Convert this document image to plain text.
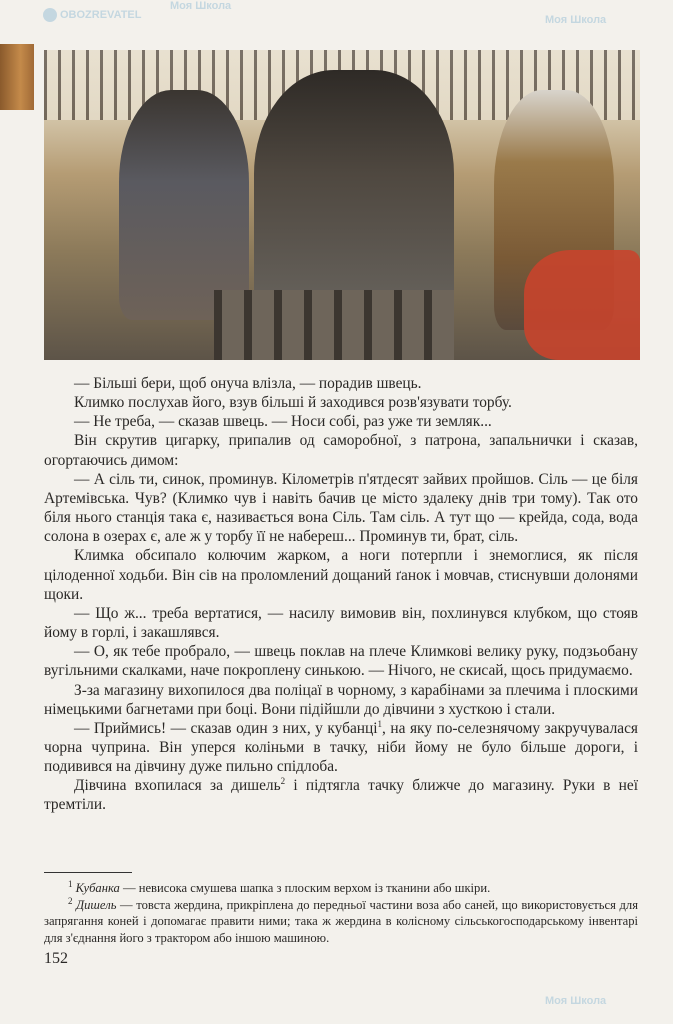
— Більші бери, щоб онуча влізла, — порадив швець.

Климко послухав його, взув більші й заходився розв'язувати торбу.

— Не треба, — сказав швець. — Носи собі, раз уже ти земляк...

Він скрутив цигарку, припалив од саморобної, з патрона, запальнички і сказав, огортаючись димом:

— А сіль ти, синок, проминув. Кілометрів п'ятдесят зайвих пройшов. Сіль — це біля Артемівська. Чув? (Климко чув і навіть бачив це місто здалеку днів три тому). Так ото біля нього станція така є, називається вона Сіль. Там сіль. А тут що — крейда, сода, вода солона в озерах є, але ж у торбу її не набереш... Проминув ти, брат, сіль.

Климка обсипало колючим жарком, а ноги потерпли і знемоглися, як після цілоденної ходьби. Він сів на проломлений дощаний ґанок і мовчав, стиснувши долонями щоки.

— Що ж... треба вертатися, — насилу вимовив він, похлинувся клубком, що стояв йому в горлі, і закашлявся.

— О, як тебе пробрало, — швець поклав на плече Климкові велику руку, подзьобану вугільними скалками, наче покроплену синькою. — Нічого, не скисай, щось придумаємо.

З-за магазину вихопилося два поліцаї в чорному, з карабінами за плечима і плоскими німецькими багнетами при боці. Вони підійшли до дівчини з хусткою і стали.

— Приймись! — сказав один з них, у кубанці$^1$, на яку по-селезнячому закручувалася чорна чуприна. Він уперся коліньми в тачку, ніби йому не було більше дороги, і подивився на дівчину дуже пильно спідлоба.

Дівчина вхопилася за дишель$^2$ і підтягла тачку ближче до магазину. Руки в неї тремтіли.

$^1$ Кубанка — невисока смушева шапка з плоским верхом із тканини або шкіри.

$^2$ Дишель — товста жердина, прикріплена до передньої частини воза або саней, що використовується для запрягання коней і допомагає правити ними; така ж жердина в колісному сільськогосподарському інвентарі для з'єднання його з трактором або іншою машиною.

152
OBOZREVATEL
Моя Школа
Моя Школа
Моя Школа
